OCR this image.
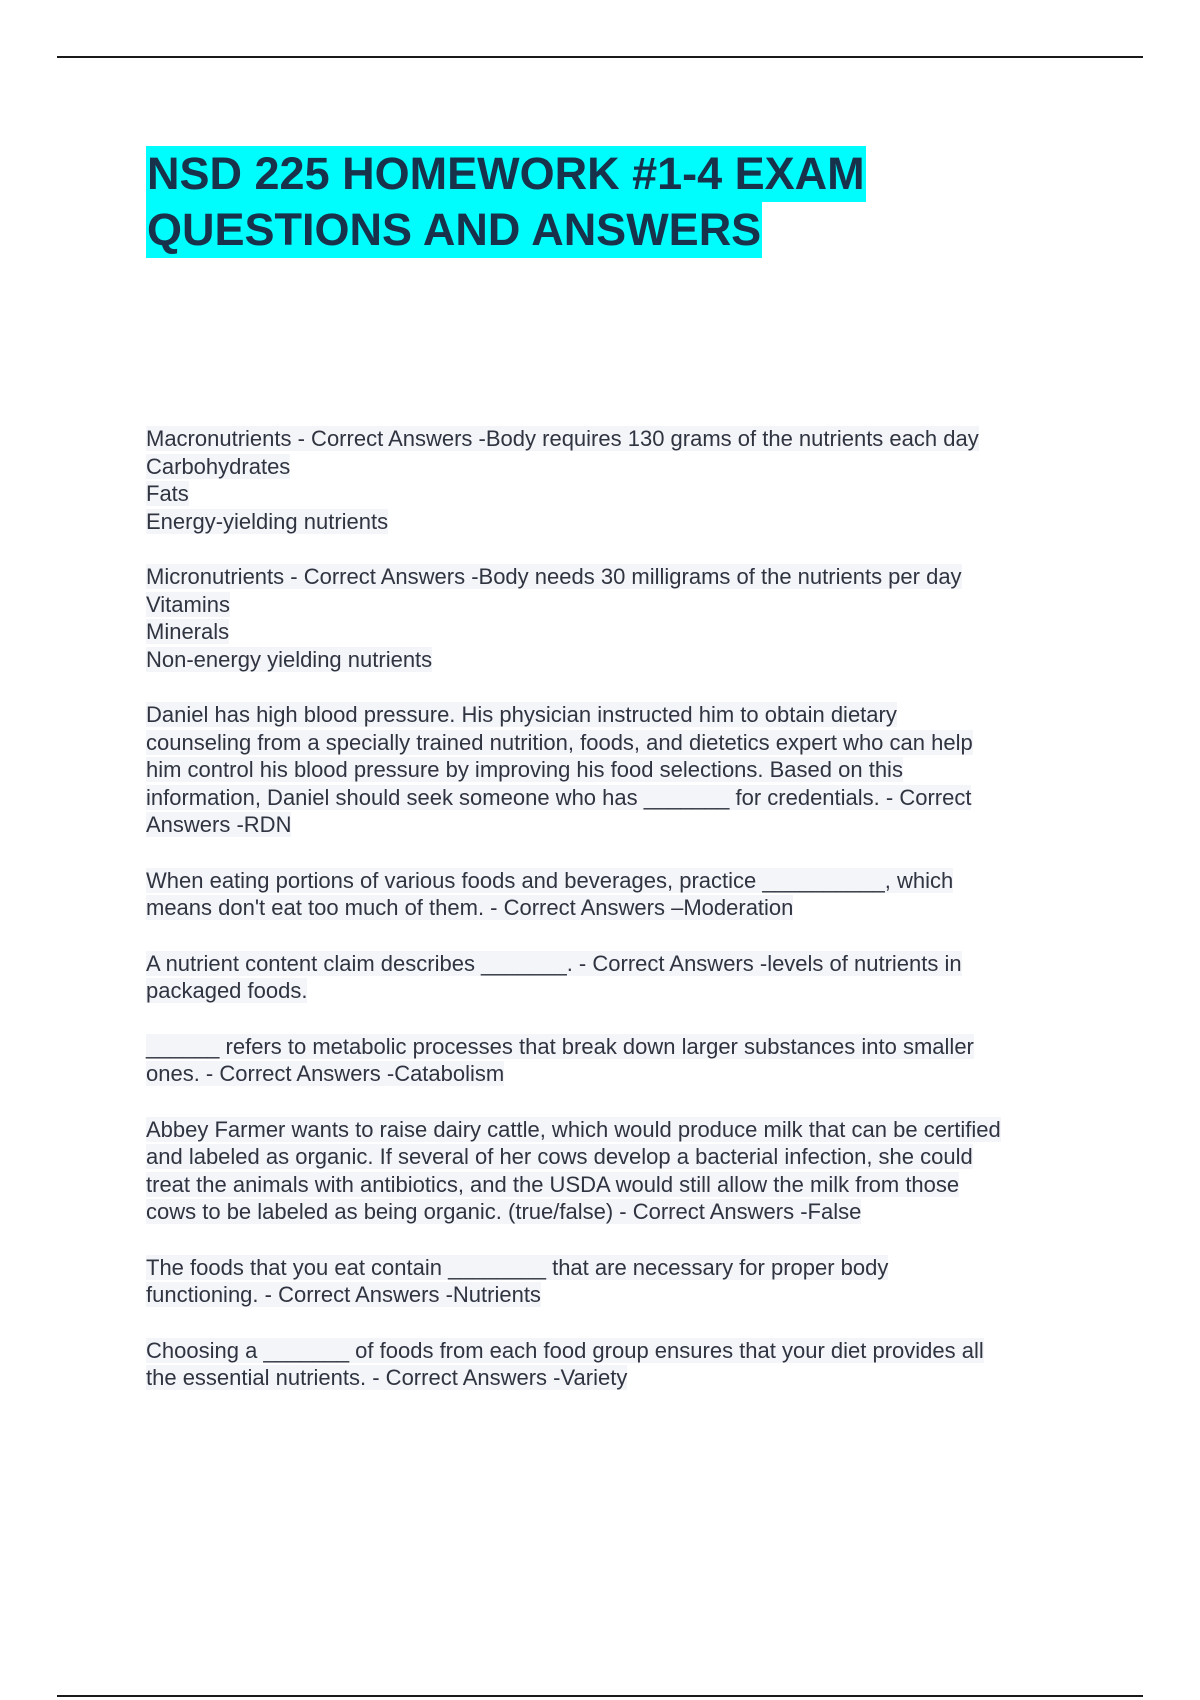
NSD 225 HOMEWORK #1-4 EXAM
QUESTIONS AND ANSWERS
Macronutrients - Correct Answers -Body requires 130 grams of the nutrients each day
Carbohydrates
Fats
Energy-yielding nutrients
Micronutrients - Correct Answers -Body needs 30 milligrams of the nutrients per day
Vitamins
Minerals
Non-energy yielding nutrients
Daniel has high blood pressure. His physician instructed him to obtain dietary
counseling from a specially trained nutrition, foods, and dietetics expert who can help
him control his blood pressure by improving his food selections. Based on this
information, Daniel should seek someone who has _______ for credentials. - Correct
Answers -RDN
When eating portions of various foods and beverages, practice __________, which
means don't eat too much of them. - Correct Answers –Moderation
A nutrient content claim describes _______. - Correct Answers -levels of nutrients in
packaged foods.
______ refers to metabolic processes that break down larger substances into smaller
ones. - Correct Answers -Catabolism
Abbey Farmer wants to raise dairy cattle, which would produce milk that can be certified
and labeled as organic. If several of her cows develop a bacterial infection, she could
treat the animals with antibiotics, and the USDA would still allow the milk from those
cows to be labeled as being organic. (true/false) - Correct Answers -False
The foods that you eat contain ________ that are necessary for proper body
functioning. - Correct Answers -Nutrients
Choosing a _______ of foods from each food group ensures that your diet provides all
the essential nutrients. - Correct Answers -Variety
